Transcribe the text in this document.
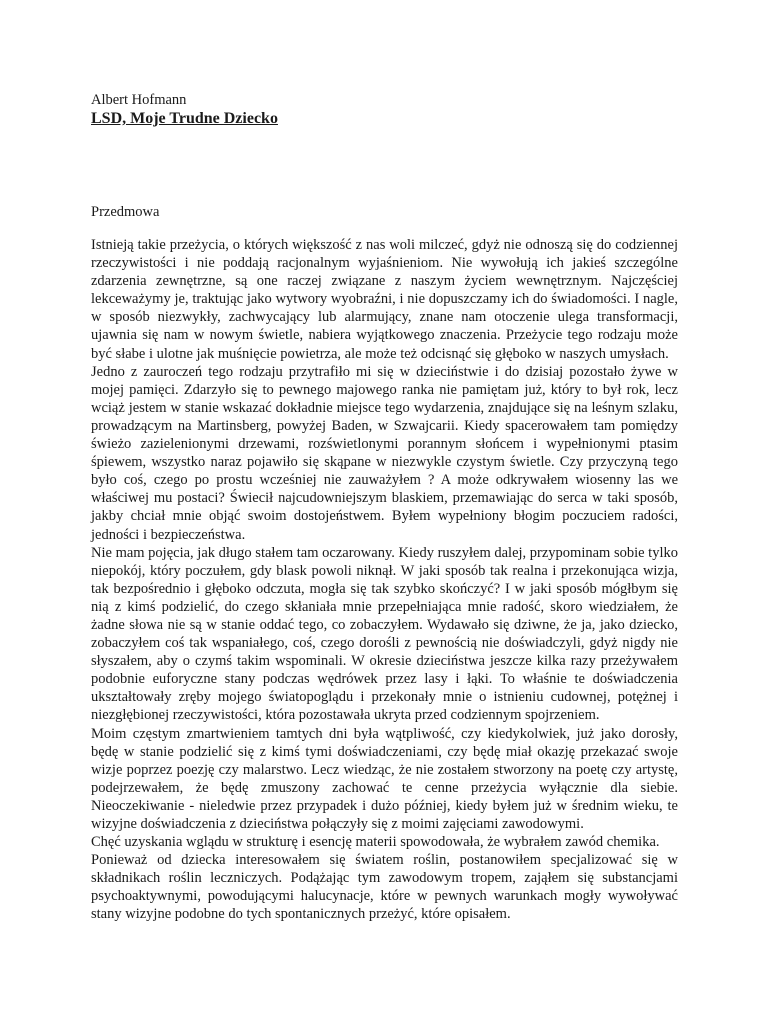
Albert Hofmann
LSD, Moje Trudne Dziecko
Przedmowa

Istnieją takie przeżycia, o których większość z nas woli milczeć, gdyż nie odnoszą się do codziennej rzeczywistości i nie poddają racjonalnym wyjaśnieniom. Nie wywołują ich jakieś szczególne zdarzenia zewnętrzne, są one raczej związane z naszym życiem wewnętrznym. Najczęściej lekceważymy je, traktując jako wytwory wyobraźni, i nie dopuszczamy ich do świadomości. I nagle, w sposób niezwykły, zachwycający lub alarmujący, znane nam otoczenie ulega transformacji, ujawnia się nam w nowym świetle, nabiera wyjątkowego znaczenia. Przeżycie tego rodzaju może być słabe i ulotne jak muśnięcie powietrza, ale może też odcisnąć się głęboko w naszych umysłach.

Jedno z zauroczeń tego rodzaju przytrafiło mi się w dzieciństwie i do dzisiaj pozostało żywe w mojej pamięci. Zdarzyło się to pewnego majowego ranka nie pamiętam już, który to był rok, lecz wciąż jestem w stanie wskazać dokładnie miejsce tego wydarzenia, znajdujące się na leśnym szlaku, prowadzącym na Martinsberg, powyżej Baden, w Szwajcarii. Kiedy spacerowałem tam pomiędzy świeżo zazielenionymi drzewami, rozświetlonymi porannym słońcem i wypełnionymi ptasim śpiewem, wszystko naraz pojawiło się skąpane w niezwykle czystym świetle. Czy przyczyną tego było coś, czego po prostu wcześniej nie zauważyłem ? A może odkrywałem wiosenny las we właściwej mu postaci? Świecił najcudowniejszym blaskiem, przemawiając do serca w taki sposób, jakby chciał mnie objąć swoim dostojeństwem. Byłem wypełniony błogim poczuciem radości, jedności i bezpieczeństwa.

Nie mam pojęcia, jak długo stałem tam oczarowany. Kiedy ruszyłem dalej, przypominam sobie tylko niepokój, który poczułem, gdy blask powoli niknął. W jaki sposób tak realna i przekonująca wizja, tak bezpośrednio i głęboko odczuta, mogła się tak szybko skończyć? I w jaki sposób mógłbym się nią z kimś podzielić, do czego skłaniała mnie przepełniająca mnie radość, skoro wiedziałem, że żadne słowa nie są w stanie oddać tego, co zobaczyłem. Wydawało się dziwne, że ja, jako dziecko, zobaczyłem coś tak wspaniałego, coś, czego dorośli z pewnością nie doświadczyli, gdyż nigdy nie słyszałem, aby o czymś takim wspominali. W okresie dzieciństwa jeszcze kilka razy przeżywałem podobnie euforyczne stany podczas wędrówek przez lasy i łąki. To właśnie te doświadczenia ukształtowały zręby mojego światopoglądu i przekonały mnie o istnieniu cudownej, potężnej i niezgłębionej rzeczywistości, która pozostawała ukryta przed codziennym spojrzeniem.

Moim częstym zmartwieniem tamtych dni była wątpliwość, czy kiedykolwiek, już jako dorosły, będę w stanie podzielić się z kimś tymi doświadczeniami, czy będę miał okazję przekazać swoje wizje poprzez poezję czy malarstwo. Lecz wiedząc, że nie zostałem stworzony na poetę czy artystę, podejrzewałem, że będę zmuszony zachować te cenne przeżycia wyłącznie dla siebie. Nieoczekiwanie - nieledwie przez przypadek i dużo później, kiedy byłem już w średnim wieku, te wizyjne doświadczenia z dzieciństwa połączyły się z moimi zajęciami zawodowymi.

Chęć uzyskania wglądu w strukturę i esencję materii spowodowała, że wybrałem zawód chemika.

Ponieważ od dziecka interesowałem się światem roślin, postanowiłem specjalizować się w składnikach roślin leczniczych. Podążając tym zawodowym tropem, zająłem się substancjami psychoaktywnymi, powodującymi halucynacje, które w pewnych warunkach mogły wywoływać stany wizyjne podobne do tych spontanicznych przeżyć, które opisałem.
